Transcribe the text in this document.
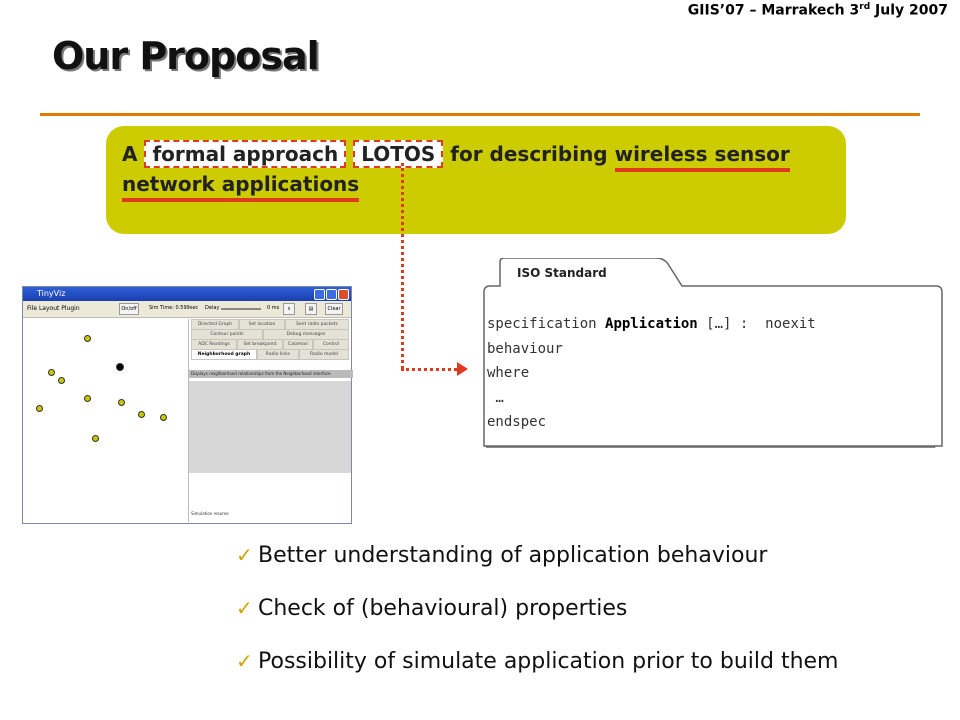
GIIS’07 – Marrakech 3rd July 2007
Our Proposal
A formal approach LOTOS for describing wireless sensor
network applications
TinyViz
File Layout Plugin	On/off	Sim Time: 0.599sec Delay	0 ms	॥	▤	Clear
Directed Graph	Set location	Sent radio packets
Contour points	Debug messages
ADC Readings	Set breakpoint	Calamari	Control
Neighborhood graph	Radio links	Radio model
Displays neighborhood relationships from the Neighborhood interface
Simulation resume
ISO Standard
specification Application […] :  noexit
behaviour
where
…
endspec
✓ Better understanding of application behaviour
✓ Check of (behavioural) properties
✓ Possibility of simulate application prior to build them
